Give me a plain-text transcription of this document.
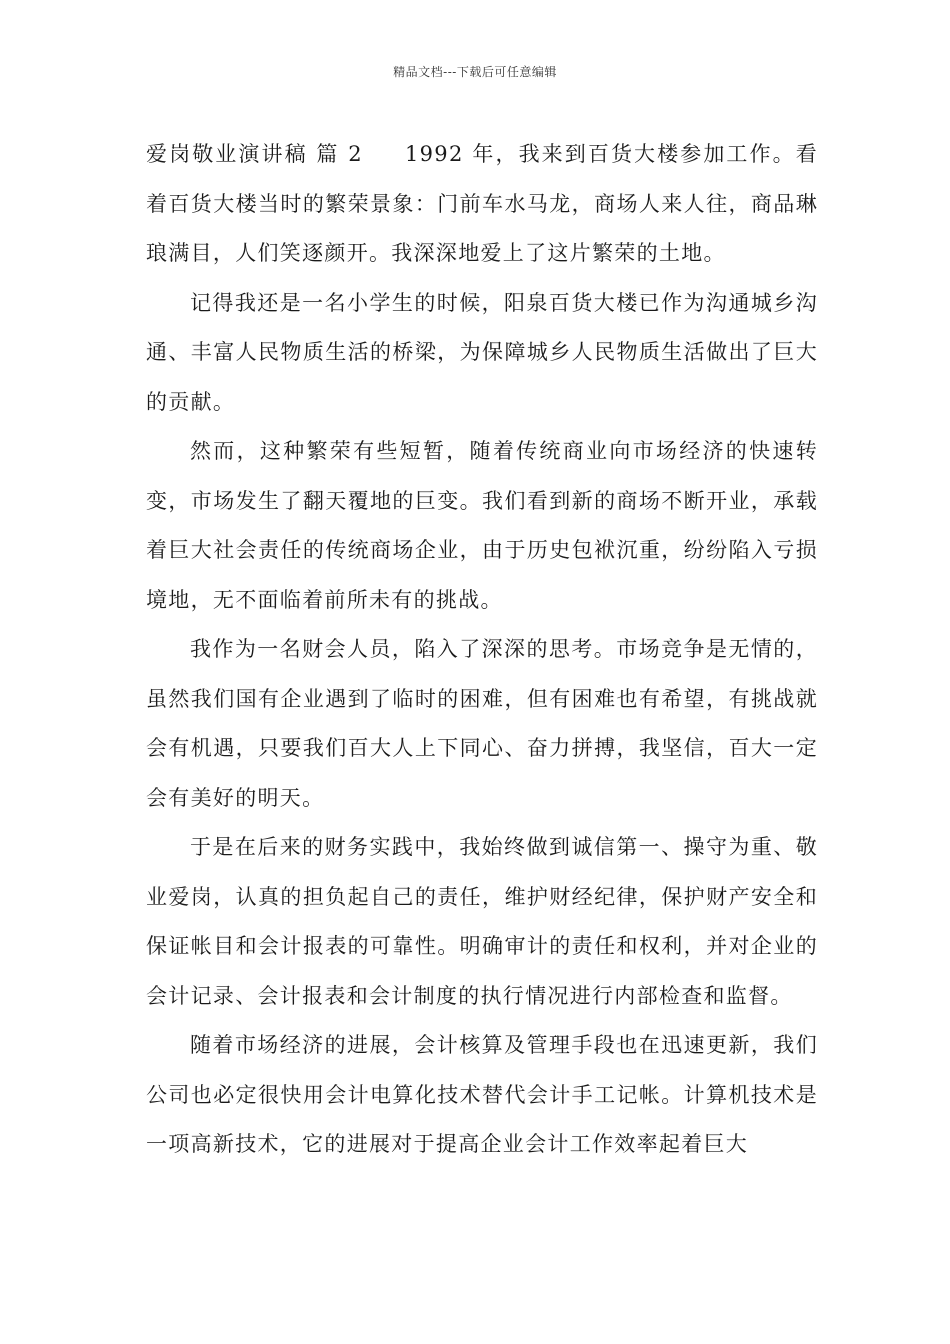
精品文档---下载后可任意编辑

爱岗敬业演讲稿 篇 2 1992 年，我来到百货大楼参加工作。看着百货大楼当时的繁荣景象：门前车水马龙，商场人来人往，商品琳琅满目，人们笑逐颜开。我深深地爱上了这片繁荣的土地。

记得我还是一名小学生的时候，阳泉百货大楼已作为沟通城乡沟通、丰富人民物质生活的桥梁，为保障城乡人民物质生活做出了巨大的贡献。

然而，这种繁荣有些短暂，随着传统商业向市场经济的快速转变，市场发生了翻天覆地的巨变。我们看到新的商场不断开业，承载着巨大社会责任的传统商场企业，由于历史包袱沉重，纷纷陷入亏损境地，无不面临着前所未有的挑战。

我作为一名财会人员，陷入了深深的思考。市场竞争是无情的，虽然我们国有企业遇到了临时的困难，但有困难也有希望，有挑战就会有机遇，只要我们百大人上下同心、奋力拼搏，我坚信，百大一定会有美好的明天。

于是在后来的财务实践中，我始终做到诚信第一、操守为重、敬业爱岗，认真的担负起自己的责任，维护财经纪律，保护财产安全和保证帐目和会计报表的可靠性。明确审计的责任和权利，并对企业的会计记录、会计报表和会计制度的执行情况进行内部检查和监督。

随着市场经济的进展，会计核算及管理手段也在迅速更新，我们公司也必定很快用会计电算化技术替代会计手工记帐。计算机技术是一项高新技术，它的进展对于提高企业会计工作效率起着巨大
